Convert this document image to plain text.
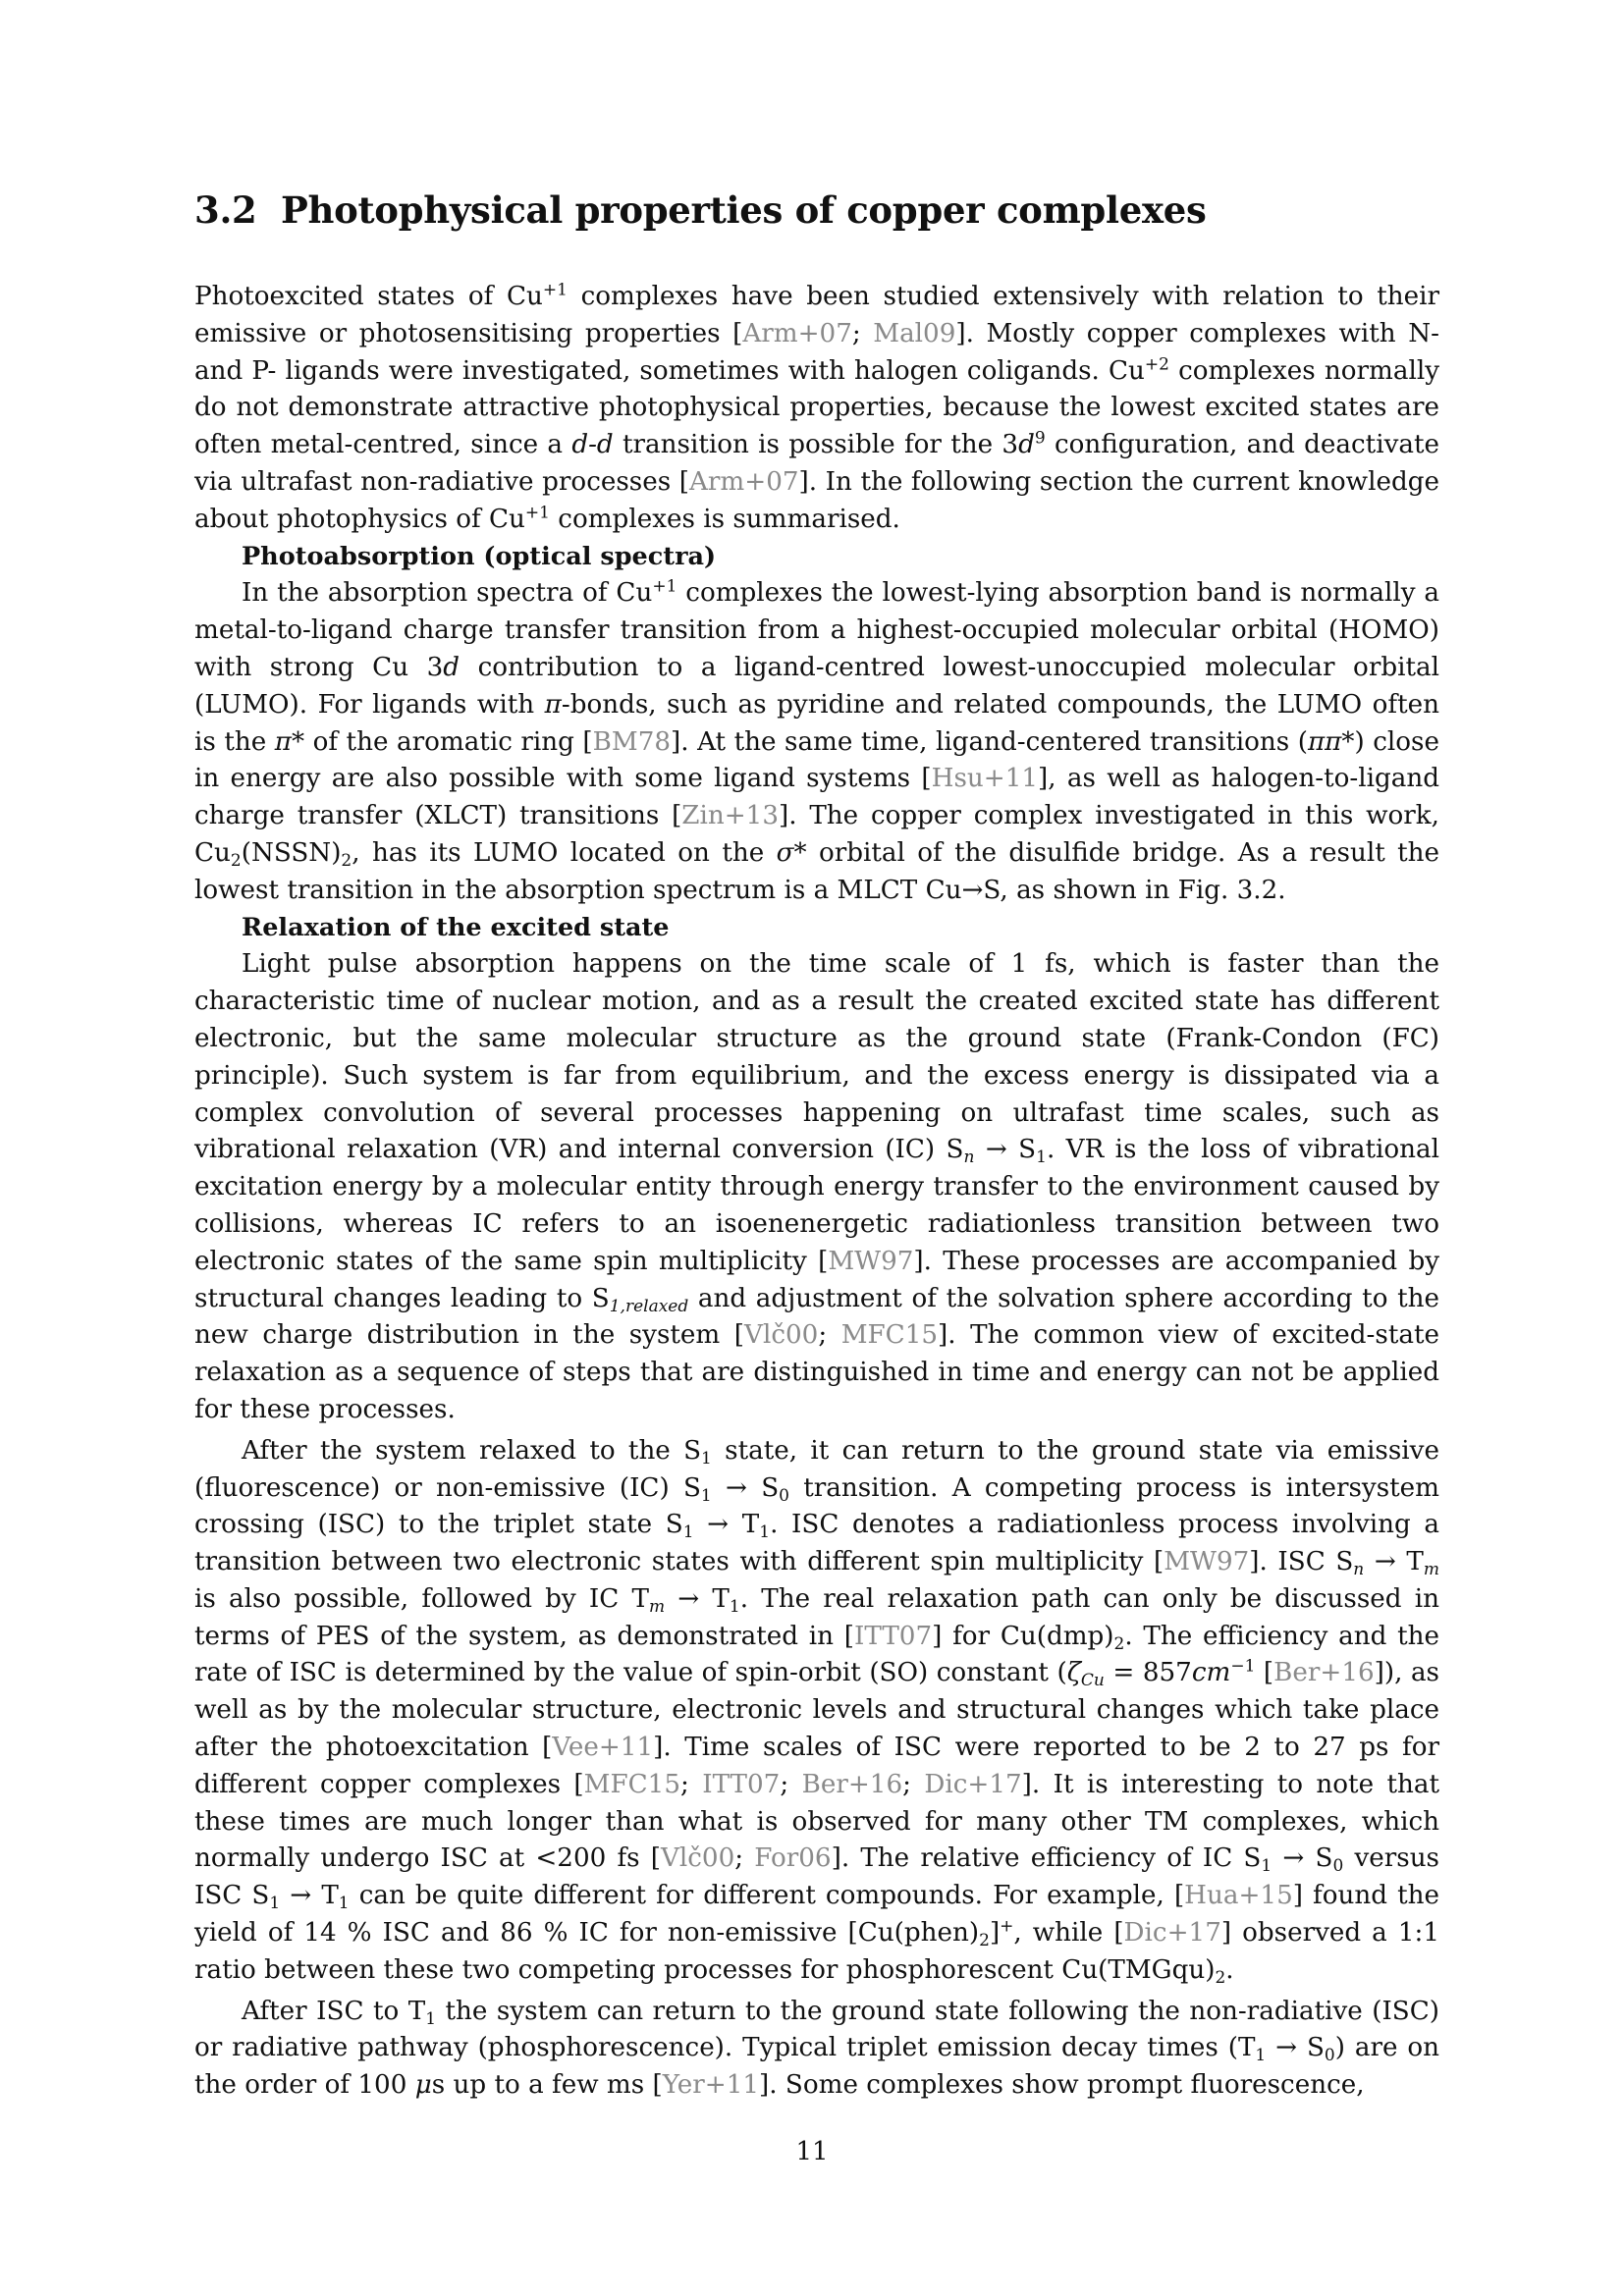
3.2 Photophysical properties of copper complexes

Photoexcited states of $Cu^{+1}$ complexes have been studied extensively with relation to their emissive or photosensitising properties [Arm+07; Mal09]. Mostly copper complexes with N- and P- ligands were investigated, sometimes with halogen coligands. $Cu^{+2}$ complexes normally do not demonstrate attractive photophysical properties, because the lowest excited states are often metal-centred, since a d-d transition is possible for the $3d^9$ configuration, and deactivate via ultrafast non-radiative processes [Arm+07]. In the following section the current knowledge about photophysics of $Cu^{+1}$ complexes is summarised.

Photoabsorption (optical spectra)

In the absorption spectra of $Cu^{+1}$ complexes the lowest-lying absorption band is normally a metal-to-ligand charge transfer transition from a highest-occupied molecular orbital (HOMO) with strong Cu 3d contribution to a ligand-centred lowest-unoccupied molecular orbital (LUMO). For ligands with π-bonds, such as pyridine and related compounds, the LUMO often is the π* of the aromatic ring [BM78]. At the same time, ligand-centered transitions (ππ*) close in energy are also possible with some ligand systems [Hsu+11], as well as halogen-to-ligand charge transfer (XLCT) transitions [Zin+13]. The copper complex investigated in this work, $Cu_2(NSSN)_2$, has its LUMO located on the σ* orbital of the disulfide bridge. As a result the lowest transition in the absorption spectrum is a MLCT Cu→S, as shown in Fig. 3.2.

Relaxation of the excited state

Light pulse absorption happens on the time scale of 1 fs, which is faster than the characteristic time of nuclear motion, and as a result the created excited state has different electronic, but the same molecular structure as the ground state (Frank-Condon (FC) principle). Such system is far from equilibrium, and the excess energy is dissipated via a complex convolution of several processes happening on ultrafast time scales, such as vibrational relaxation (VR) and internal conversion (IC) $S_n \to S_1$. VR is the loss of vibrational excitation energy by a molecular entity through energy transfer to the environment caused by collisions, whereas IC refers to an isoenenergetic radiationless transition between two electronic states of the same spin multiplicity [MW97]. These processes are accompanied by structural changes leading to $S_{1,relaxed}$ and adjustment of the solvation sphere according to the new charge distribution in the system [Vlč00; MFC15]. The common view of excited-state relaxation as a sequence of steps that are distinguished in time and energy can not be applied for these processes.

After the system relaxed to the $S_1$ state, it can return to the ground state via emissive (fluorescence) or non-emissive (IC) $S_1 \to S_0$ transition. A competing process is intersystem crossing (ISC) to the triplet state $S_1 \to T_1$. ISC denotes a radiationless process involving a transition between two electronic states with different spin multiplicity [MW97]. ISC $S_n \to T_m$ is also possible, followed by IC $T_m \to T_1$. The real relaxation path can only be discussed in terms of PES of the system, as demonstrated in [ITT07] for $Cu(dmp)_2$. The efficiency and the rate of ISC is determined by the value of spin-orbit (SO) constant ($\zeta_{Cu} = 857cm^{-1}$ [Ber+16]), as well as by the molecular structure, electronic levels and structural changes which take place after the photoexcitation [Vee+11]. Time scales of ISC were reported to be 2 to 27 ps for different copper complexes [MFC15; ITT07; Ber+16; Dic+17]. It is interesting to note that these times are much longer than what is observed for many other TM complexes, which normally undergo ISC at <200 fs [Vlč00; For06]. The relative efficiency of IC $S_1 \to S_0$ versus ISC $S_1 \to T_1$ can be quite different for different compounds. For example, [Hua+15] found the yield of 14 % ISC and 86 % IC for non-emissive $[Cu(phen)_2]^+$, while [Dic+17] observed a 1:1 ratio between these two competing processes for phosphorescent $Cu(TMGqu)_2$.

After ISC to $T_1$ the system can return to the ground state following the non-radiative (ISC) or radiative pathway (phosphorescence). Typical triplet emission decay times $(T_1 \to S_0)$ are on the order of 100 μs up to a few ms [Yer+11]. Some complexes show prompt fluorescence,

11
